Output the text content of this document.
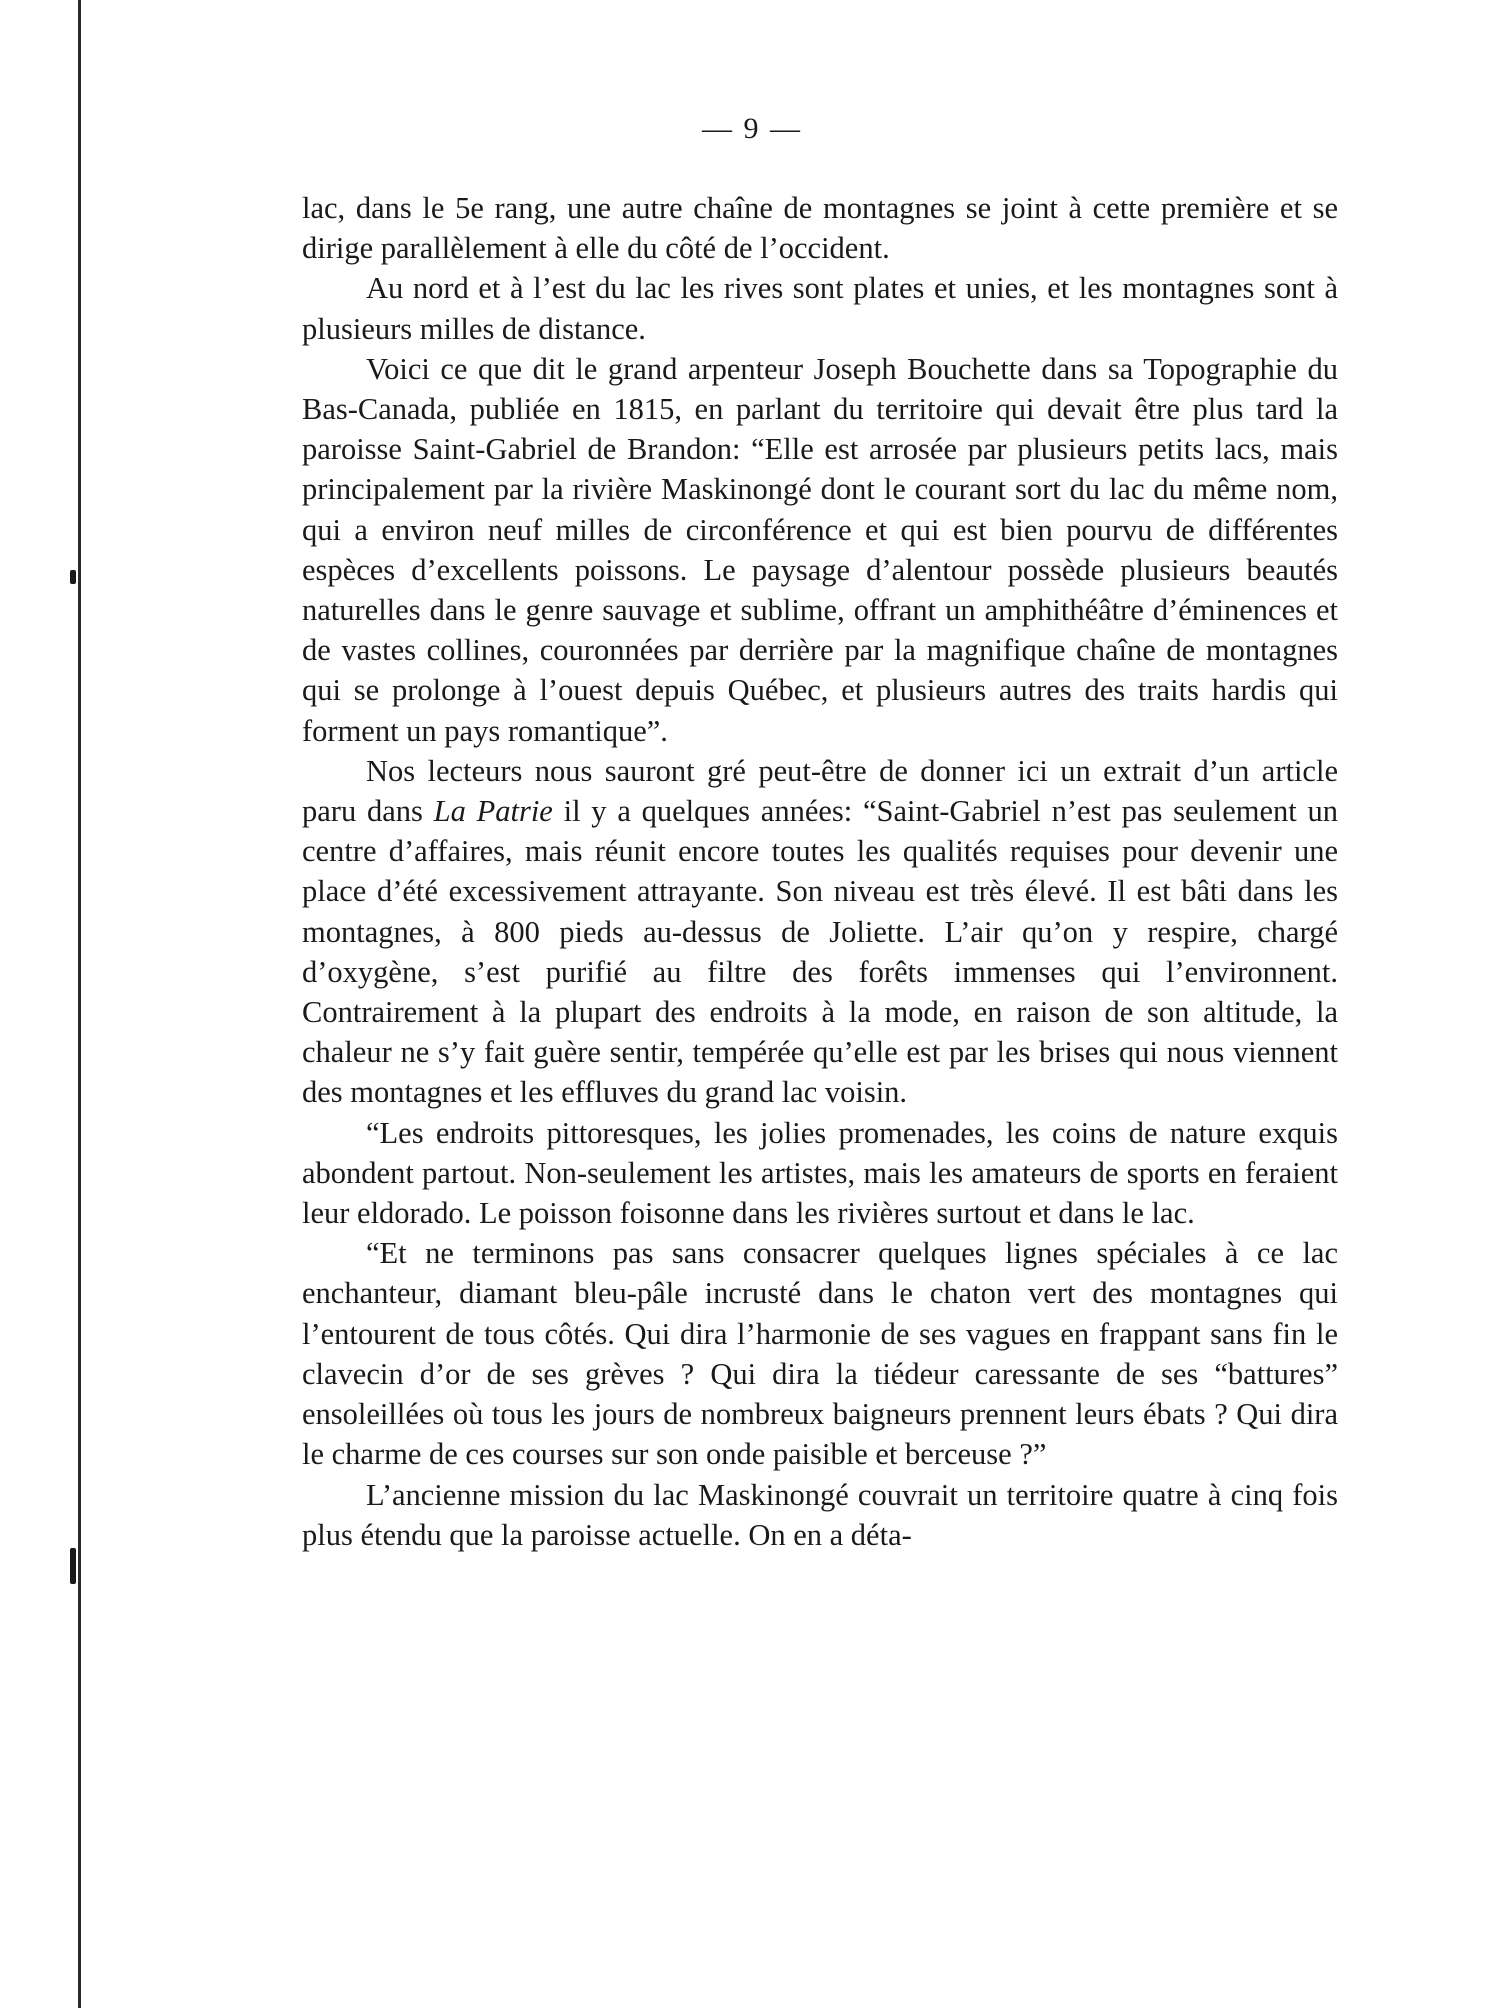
— 9 —

lac, dans le 5e rang, une autre chaîne de montagnes se joint à cette première et se dirige parallèlement à elle du côté de l’occident.

Au nord et à l’est du lac les rives sont plates et unies, et les montagnes sont à plusieurs milles de distance.

Voici ce que dit le grand arpenteur Joseph Bouchette dans sa Topographie du Bas-Canada, publiée en 1815, en parlant du territoire qui devait être plus tard la paroisse Saint-Gabriel de Brandon: “Elle est arrosée par plusieurs petits lacs, mais principalement par la rivière Maskinongé dont le courant sort du lac du même nom, qui a environ neuf milles de circonférence et qui est bien pourvu de différentes espèces d’excellents poissons. Le paysage d’alentour possède plusieurs beautés naturelles dans le genre sauvage et sublime, offrant un amphithéâtre d’éminences et de vastes collines, couronnées par derrière par la magnifique chaîne de montagnes qui se prolonge à l’ouest depuis Québec, et plusieurs autres des traits hardis qui forment un pays romantique”.

Nos lecteurs nous sauront gré peut-être de donner ici un extrait d’un article paru dans La Patrie il y a quelques années: “Saint-Gabriel n’est pas seulement un centre d’affaires, mais réunit encore toutes les qualités requises pour devenir une place d’été excessivement attrayante. Son niveau est très élevé. Il est bâti dans les montagnes, à 800 pieds au-dessus de Joliette. L’air qu’on y respire, chargé d’oxygène, s’est purifié au filtre des forêts immenses qui l’environnent. Contrairement à la plupart des endroits à la mode, en raison de son altitude, la chaleur ne s’y fait guère sentir, tempérée qu’elle est par les brises qui nous viennent des montagnes et les effluves du grand lac voisin.

“Les endroits pittoresques, les jolies promenades, les coins de nature exquis abondent partout. Non-seulement les artistes, mais les amateurs de sports en feraient leur eldorado. Le poisson foisonne dans les rivières surtout et dans le lac.

“Et ne terminons pas sans consacrer quelques lignes spéciales à ce lac enchanteur, diamant bleu-pâle incrusté dans le chaton vert des montagnes qui l’entourent de tous côtés. Qui dira l’harmonie de ses vagues en frappant sans fin le clavecin d’or de ses grèves ? Qui dira la tiédeur caressante de ses “battures” ensoleillées où tous les jours de nombreux baigneurs prennent leurs ébats ? Qui dira le charme de ces courses sur son onde paisible et berceuse ?”

L’ancienne mission du lac Maskinongé couvrait un territoire quatre à cinq fois plus étendu que la paroisse actuelle. On en a déta-
